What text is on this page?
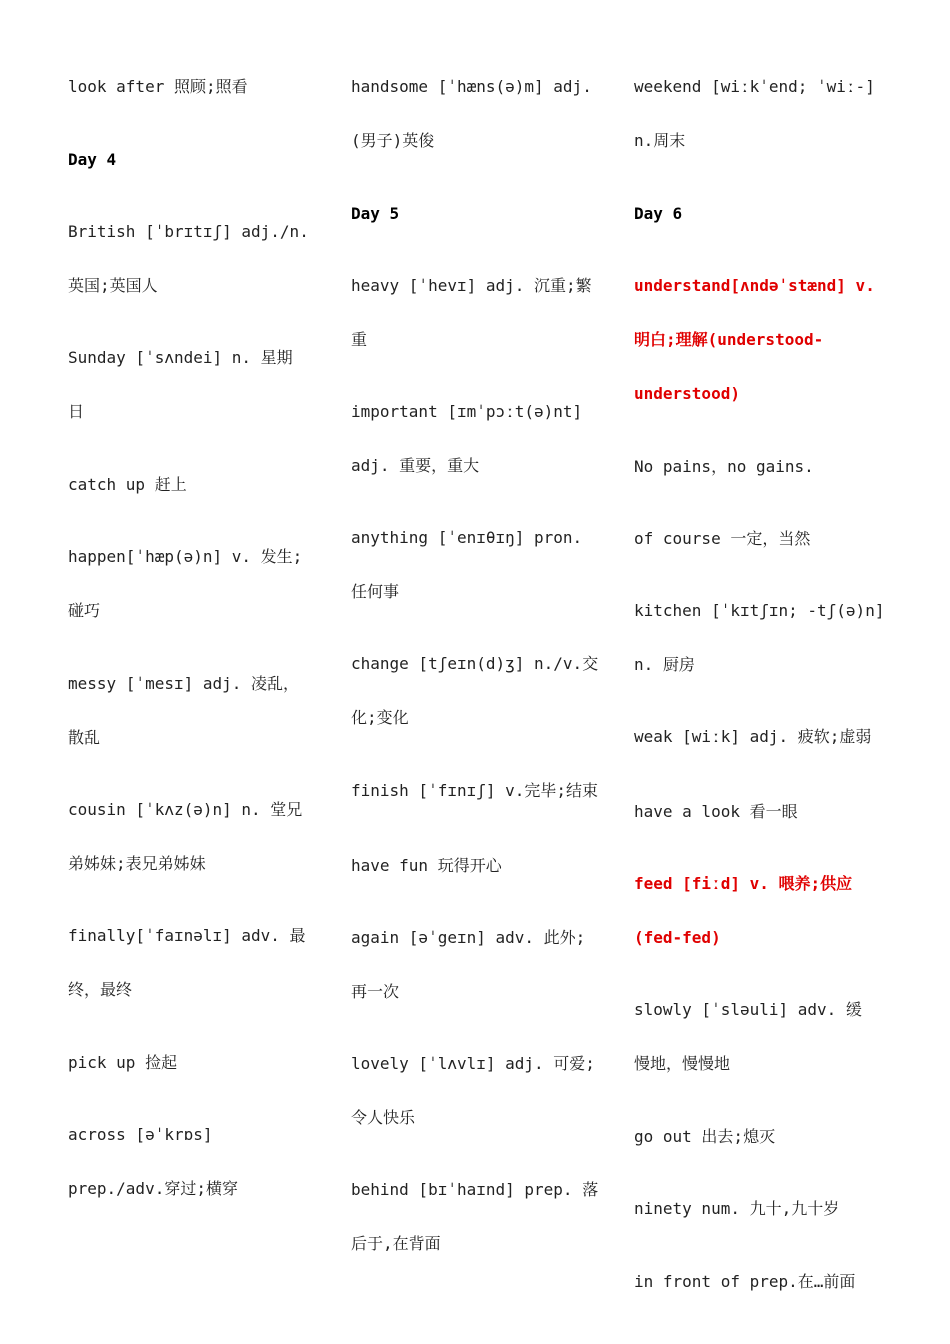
look after 照顾;照看
Day 4
British [ˈbrɪtɪʃ] adj./n.
英国;英国人
Sunday [ˈsʌndei] n. 星期
日
catch up 赶上
happen[ˈhæp(ə)n] v. 发生;
碰巧
messy [ˈmesɪ] adj. 凌乱，
散乱
cousin [ˈkʌz(ə)n] n. 堂兄
弟姊妹;表兄弟姊妹
finally[ˈfaɪnəlɪ] adv. 最
终，最终
pick up 捡起
across [əˈkrɒs]
prep./adv.穿过;横穿
handsome [ˈhæns(ə)m] adj.
(男子)英俊
Day 5
heavy [ˈhevɪ] adj. 沉重;繁
重
important [ɪmˈpɔːt(ə)nt]
adj. 重要，重大
anything [ˈenɪθɪŋ] pron.
任何事
change [tʃeɪn(d)ʒ] n./v.交
化;变化
finish [ˈfɪnɪʃ] v.完毕;结束
have fun 玩得开心
again [əˈgeɪn] adv. 此外;
再一次
lovely [ˈlʌvlɪ] adj. 可爱;
令人快乐
behind [bɪˈhaɪnd] prep. 落
后于,在背面
weekend [wiːkˈend; ˈwiː-]
n.周末
Day 6
understand[ʌndəˈstænd] v.
明白;理解(understood-
understood)
No pains，no gains.
of course 一定，当然
kitchen [ˈkɪtʃɪn; -tʃ(ə)n]
n. 厨房
weak [wiːk] adj. 疲软;虚弱
have a look 看一眼
feed [fiːd] v. 喂养;供应
(fed-fed)
slowly [ˈsləuli] adv. 缓
慢地，慢慢地
go out 出去;熄灭
ninety num. 九十,九十岁
in front of prep.在…前面
